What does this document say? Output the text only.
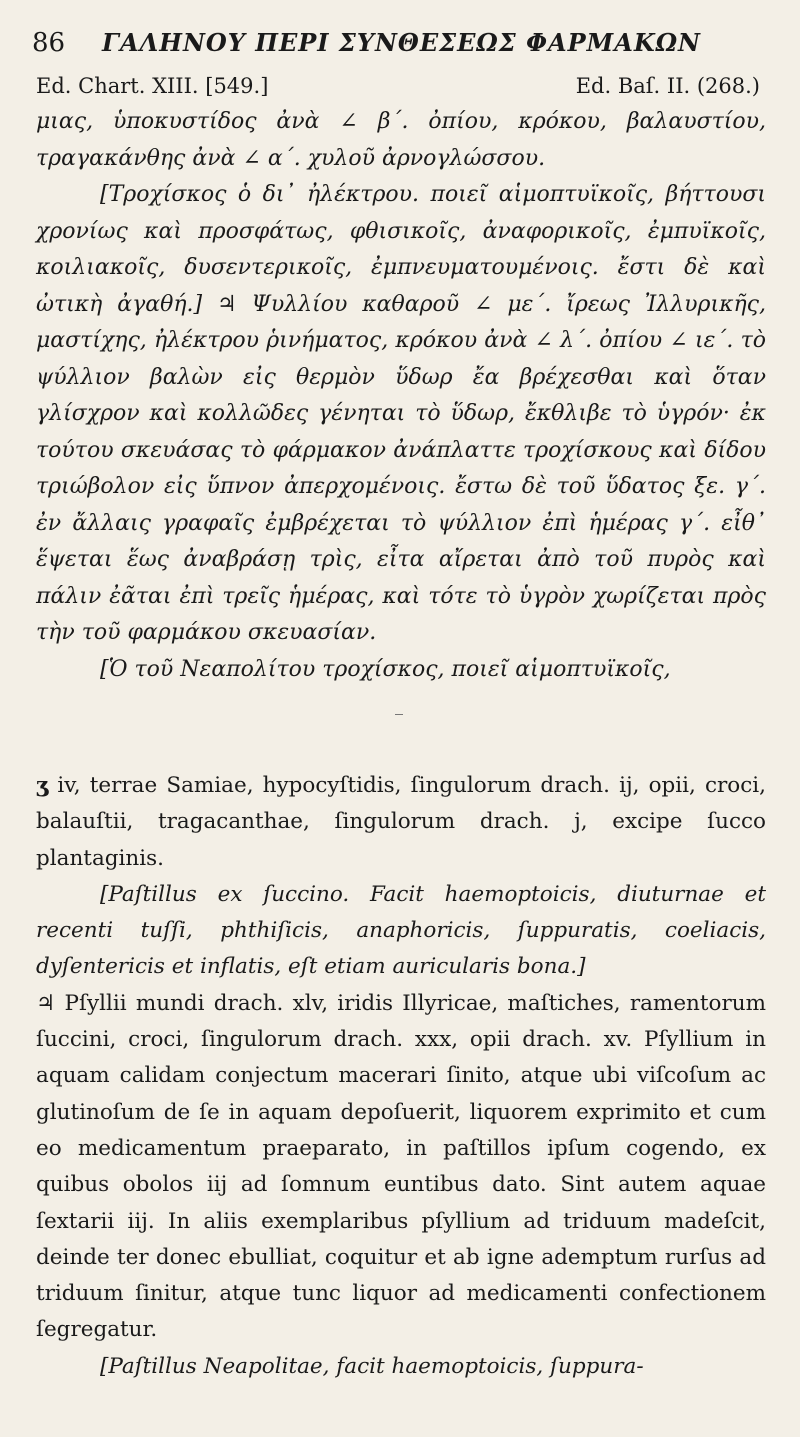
86	ΓΑΛΗΝΟΥ ΠΕΡΙ ΣΥΝΘΕΣΕΩΣ ΦΑΡΜΑΚΩΝ
Ed. Chart. XIII. [549.]	Ed. Baſ. II. (268.)

μιας, ὑποκυστίδος ἀνὰ ∠ β΄. ὀπίου, κρόκου, βαλαυστίου, τραγακάνθης ἀνὰ ∠ α΄. χυλοῦ ἀρνογλώσσου.

[Τροχίσκος ὁ δι᾽ ἠλέκτρου. ποιεῖ αἱμοπτυϊκοῖς, βήττουσι χρονίως καὶ προσφάτως, φθισικοῖς, ἀναφορικοῖς, ἐμπυϊκοῖς, κοιλιακοῖς, δυσεντερικοῖς, ἐμπνευματουμένοις. ἔστι δὲ καὶ ὠτικὴ ἀγαθή.] ♃ Ψυλλίου καθαροῦ ∠ με΄. ἴρεως Ἰλλυρικῆς, μαστίχης, ἠλέκτρου ῥινήματος, κρόκου ἀνὰ ∠ λ΄. ὀπίου ∠ ιε΄. τὸ ψύλλιον βαλὼν εἰς θερμὸν ὕδωρ ἔα βρέχεσθαι καὶ ὅταν γλίσχρον καὶ κολλῶδες γένηται τὸ ὕδωρ, ἔκθλιβε τὸ ὑγρόν· ἐκ τούτου σκευάσας τὸ φάρμακον ἀνάπλαττε τροχίσκους καὶ δίδου τριώβολον εἰς ὕπνον ἀπερχομένοις. ἔστω δὲ τοῦ ὕδατος ξε. γ΄. ἐν ἄλλαις γραφαῖς ἐμβρέχεται τὸ ψύλλιον ἐπὶ ἡμέρας γ΄. εἶθ᾽ ἕψεται ἕως ἀναβράσῃ τρὶς, εἶτα αἴρεται ἀπὸ τοῦ πυρὸς καὶ πάλιν ἐᾶται ἐπὶ τρεῖς ἡμέρας, καὶ τότε τὸ ὑγρὸν χωρίζεται πρὸς τὴν τοῦ φαρμάκου σκευασίαν.

[Ὁ τοῦ Νεαπολίτου τροχίσκος, ποιεῖ αἱμοπτυϊκοῖς,

ʒ iv, terrae Samiae, hypocyſtidis, ſingulorum drach. ij, opii, croci, balauſtii, tragacanthae, ſingulorum drach. j, excipe ſucco plantaginis.

[Paſtillus ex ſuccino. Facit haemoptoicis, diuturnae et recenti tuſſi, phthiſicis, anaphoricis, ſuppuratis, coeliacis, dyſentericis et inflatis, eſt etiam auricularis bona.]

♃ Pſyllii mundi drach. xlv, iridis Illyricae, maſtiches, ramentorum ſuccini, croci, ſingulorum drach. xxx, opii drach. xv. Pſyllium in aquam calidam conjectum macerari ſinito, atque ubi viſcoſum ac glutinoſum de ſe in aquam depoſuerit, liquorem exprimito et cum eo medicamentum praeparato, in paſtillos ipſum cogendo, ex quibus obolos iij ad ſomnum euntibus dato. Sint autem aquae ſextarii iij. In aliis exemplaribus pſyllium ad triduum madeſcit, deinde ter donec ebulliat, coquitur et ab igne ademptum rurſus ad triduum ſinitur, atque tunc liquor ad medicamenti confectionem ſegregatur.

[Paſtillus Neapolitae, facit haemoptoicis, ſuppura-
